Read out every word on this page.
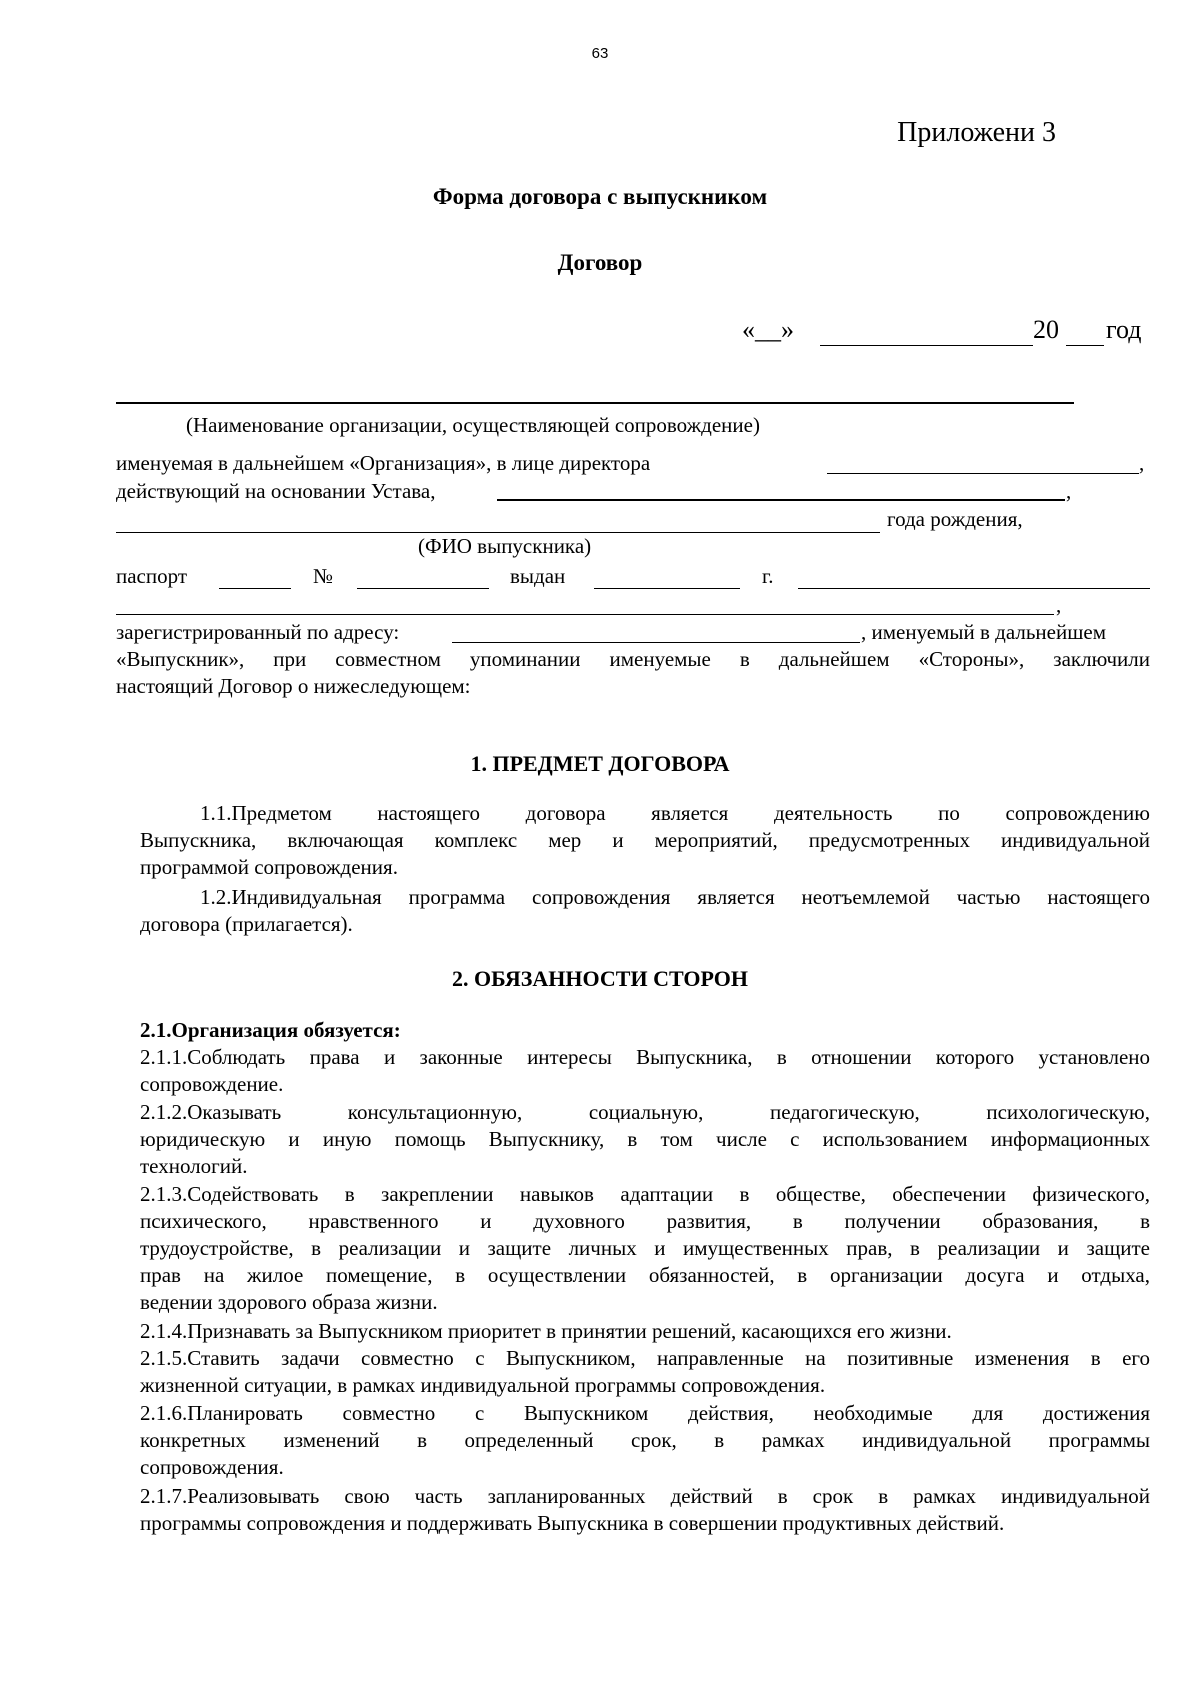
63
Приложени 3
Форма договора с выпускником
Договор
«__»	20 год
(Наименование организации, осуществляющей сопровождение)
именуемая в дальнейшем «Организация», в лице директора	,
действующий на основании Устава,	,
года рождения,
(ФИО выпускника)
паспорт	№	выдан	г.
,
зарегистрированный по адресу:	, именуемый в дальнейшем
«Выпускник», при совместном упоминании именуемые в дальнейшем «Стороны», заключили
настоящий Договор о нижеследующем:
1. ПРЕДМЕТ ДОГОВОРА
1.1.Предметом настоящего договора является деятельность по сопровождению
Выпускника, включающая комплекс мер и мероприятий, предусмотренных индивидуальной
программой сопровождения.
1.2.Индивидуальная программа сопровождения является неотъемлемой частью настоящего
договора (прилагается).
2. ОБЯЗАННОСТИ СТОРОН
2.1.Организация обязуется:
2.1.1.Соблюдать права и законные интересы Выпускника, в отношении которого установлено
сопровождение.
2.1.2.Оказывать консультационную, социальную, педагогическую, психологическую,
юридическую и иную помощь Выпускнику, в том числе с использованием информационных
технологий.
2.1.3.Содействовать в закреплении навыков адаптации в обществе, обеспечении физического,
психического, нравственного и духовного развития, в получении образования, в
трудоустройстве, в реализации и защите личных и имущественных прав, в реализации и защите
прав на жилое помещение, в осуществлении обязанностей, в организации досуга и отдыха,
ведении здорового образа жизни.
2.1.4.Признавать за Выпускником приоритет в принятии решений, касающихся его жизни.
2.1.5.Ставить задачи совместно с Выпускником, направленные на позитивные изменения в его
жизненной ситуации, в рамках индивидуальной программы сопровождения.
2.1.6.Планировать совместно с Выпускником действия, необходимые для достижения
конкретных изменений в определенный срок, в рамках индивидуальной программы
сопровождения.
2.1.7.Реализовывать свою часть запланированных действий в срок в рамках индивидуальной
программы сопровождения и поддерживать Выпускника в совершении продуктивных действий.
